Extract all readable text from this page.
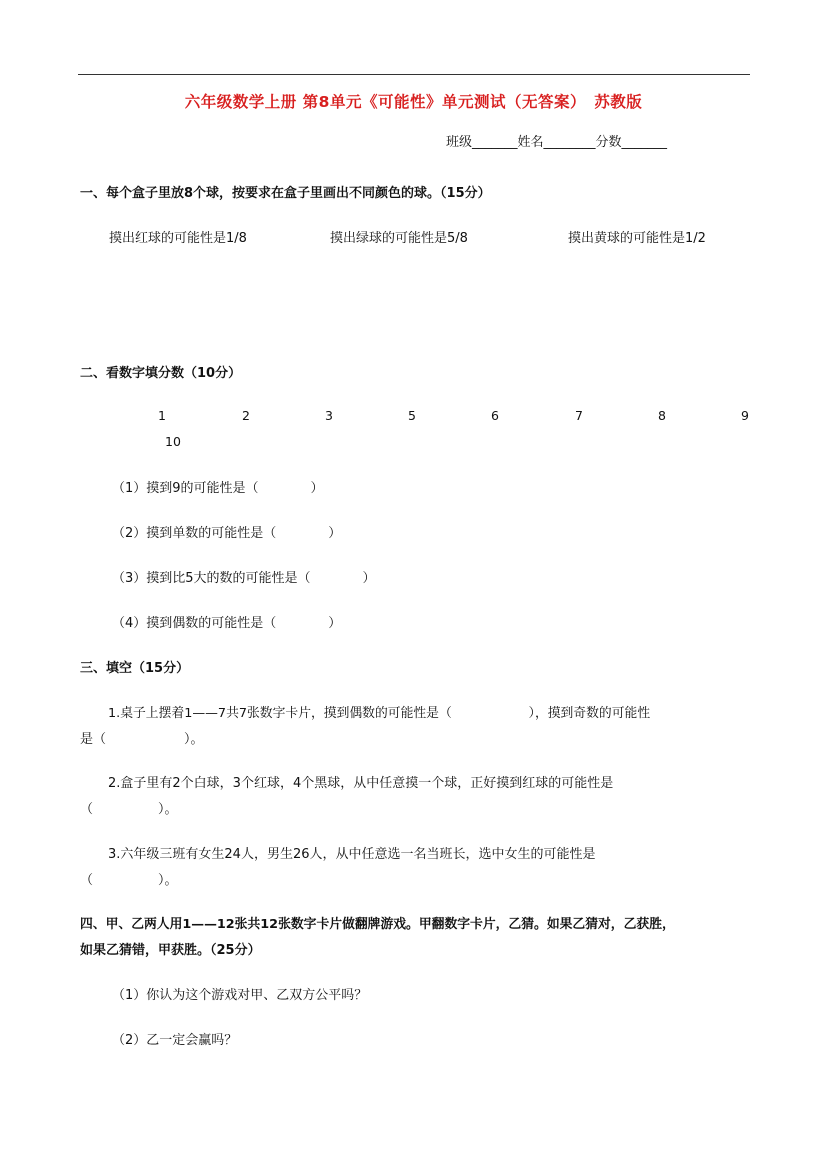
六年级数学上册 第8单元《可能性》单元测试（无答案）　苏教版
班级_______姓名________分数_______
一、每个盒子里放8个球，按要求在盒子里画出不同颜色的球。（15分）
摸出红球的可能性是1/8	摸出绿球的可能性是5/8	摸出黄球的可能性是1/2
二、看数字填分数（10分）
1	2	3	5	6	7	8	9
10
（1）摸到9的可能性是（　　　　）
（2）摸到单数的可能性是（　　　　）
（3）摸到比5大的数的可能性是（　　　　）
（4）摸到偶数的可能性是（　　　　）
三、填空（15分）
1.桌子上摆着1——7共7张数字卡片，摸到偶数的可能性是（　　　　　　），摸到奇数的可能性
是（　　　　　　）。
2.盒子里有2个白球，3个红球，4个黑球，从中任意摸一个球，正好摸到红球的可能性是
（　　　　　）。
3.六年级三班有女生24人，男生26人，从中任意选一名当班长，选中女生的可能性是
（　　　　　）。
四、甲、乙两人用1——12张共12张数字卡片做翻牌游戏。甲翻数字卡片，乙猜。如果乙猜对，乙获胜，
如果乙猜错，甲获胜。（25分）
（1）你认为这个游戏对甲、乙双方公平吗？
（2）乙一定会赢吗？
